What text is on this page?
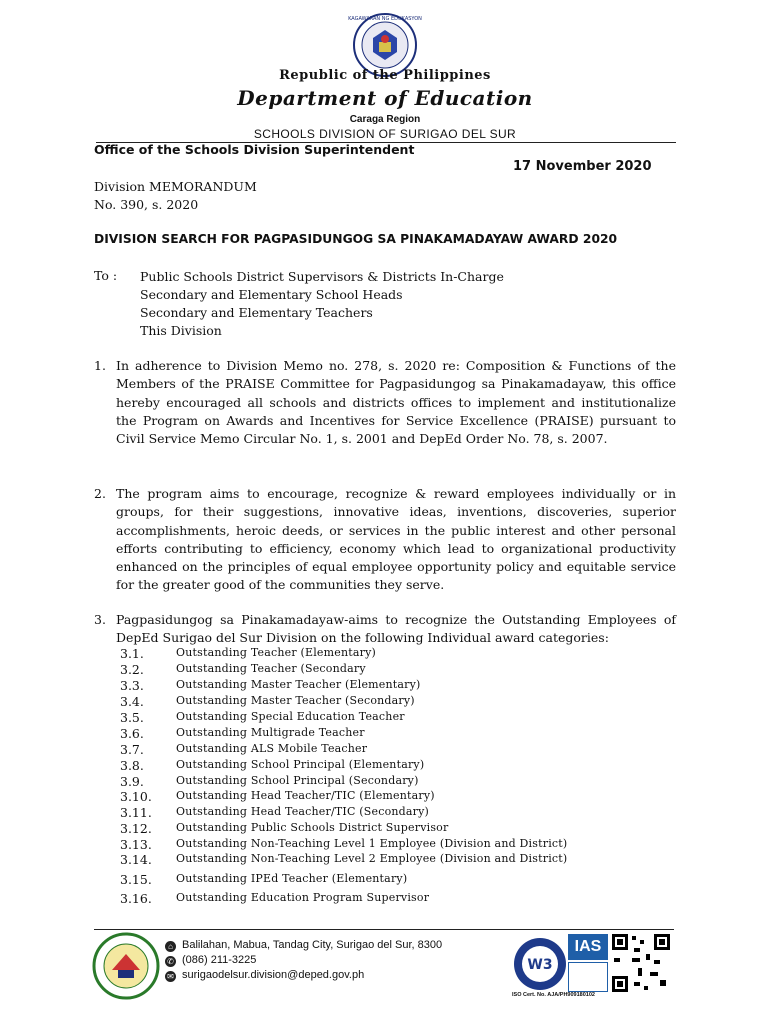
KAGAWARAN NG EDUKASYON
Republic of the Philippines
Department of Education
Caraga Region
SCHOOLS DIVISION OF SURIGAO DEL SUR
Office of the Schools Division Superintendent
17 November 2020
Division MEMORANDUM
No. 390, s. 2020
DIVISION SEARCH FOR PAGPASIDUNGOG SA PINAKAMADAYAW AWARD 2020
To : Public Schools District Supervisors & Districts In-Charge
Secondary and Elementary School Heads
Secondary and Elementary Teachers
This Division
1. In adherence to Division Memo no. 278, s. 2020 re: Composition & Functions of the Members of the PRAISE Committee for Pagpasidungog sa Pinakamadayaw, this office hereby encouraged all schools and districts offices to implement and institutionalize the Program on Awards and Incentives for Service Excellence (PRAISE) pursuant to Civil Service Memo Circular No. 1, s. 2001 and DepEd Order No. 78, s. 2007.
2. The program aims to encourage, recognize & reward employees individually or in groups, for their suggestions, innovative ideas, inventions, discoveries, superior accomplishments, heroic deeds, or services in the public interest and other personal efforts contributing to efficiency, economy which lead to organizational productivity enhanced on the principles of equal employee opportunity policy and equitable service for the greater good of the communities they serve.
3. Pagpasidungog sa Pinakamadayaw-aims to recognize the Outstanding Employees of DepEd Surigao del Sur Division on the following Individual award categories:
3.1.	Outstanding Teacher (Elementary)
3.2.	Outstanding Teacher (Secondary
3.3.	Outstanding Master Teacher (Elementary)
3.4.	Outstanding Master Teacher (Secondary)
3.5.	Outstanding Special Education Teacher
3.6.	Outstanding Multigrade Teacher
3.7.	Outstanding ALS Mobile Teacher
3.8.	Outstanding School Principal (Elementary)
3.9.	Outstanding School Principal (Secondary)
3.10. Outstanding Head Teacher/TIC (Elementary)
3.11. Outstanding Head Teacher/TIC (Secondary)
3.12. Outstanding Public Schools District Supervisor
3.13. Outstanding Non-Teaching Level 1 Employee (Division and District)
3.14. Outstanding Non-Teaching Level 2 Employee (Division and District)
3.15. Outstanding IPEd Teacher (Elementary)
3.16. Outstanding Education Program Supervisor
⌂ Balilahan, Mabua, Tandag City, Surigao del Sur, 8300
✆ (086) 211-3225
✉ surigaodelsur.division@deped.gov.ph
W3
IAS
ISO Cert. No. AJA/PH909180102
